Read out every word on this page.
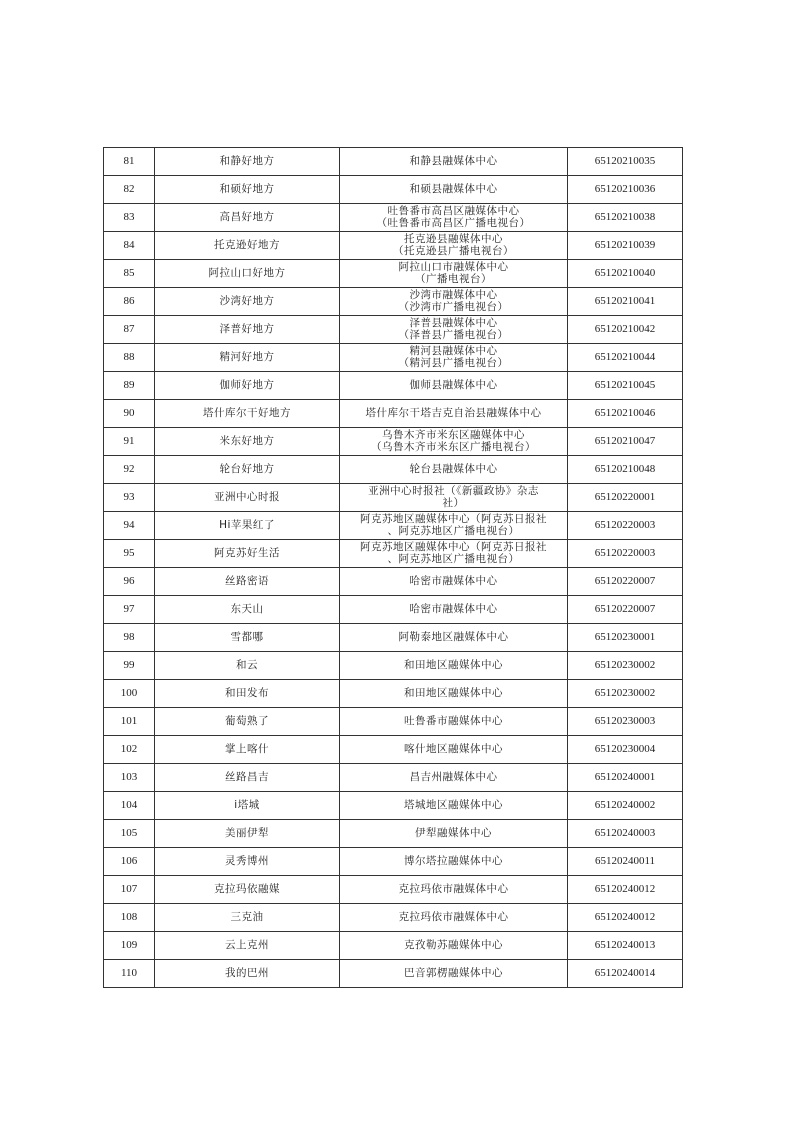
81	和静好地方	和静县融媒体中心	65120210035
82	和硕好地方	和硕县融媒体中心	65120210036
83	高昌好地方	吐鲁番市高昌区融媒体中心
（吐鲁番市高昌区广播电视台）	65120210038
84	托克逊好地方	托克逊县融媒体中心
（托克逊县广播电视台）	65120210039
85	阿拉山口好地方	阿拉山口市融媒体中心
（广播电视台）	65120210040
86	沙湾好地方	沙湾市融媒体中心
（沙湾市广播电视台）	65120210041
87	泽普好地方	泽普县融媒体中心
（泽普县广播电视台）	65120210042
88	精河好地方	精河县融媒体中心
（精河县广播电视台）	65120210044
89	伽师好地方	伽师县融媒体中心	65120210045
90	塔什库尔干好地方	塔什库尔干塔吉克自治县融媒体中心	65120210046
91	米东好地方	乌鲁木齐市米东区融媒体中心
（乌鲁木齐市米东区广播电视台）	65120210047
92	轮台好地方	轮台县融媒体中心	65120210048
93	亚洲中心时报	亚洲中心时报社（《新疆政协》杂志
社）	65120220001
94	Hi苹果红了	阿克苏地区融媒体中心（阿克苏日报社
、阿克苏地区广播电视台）	65120220003
95	阿克苏好生活	阿克苏地区融媒体中心（阿克苏日报社
、阿克苏地区广播电视台）	65120220003
96	丝路密语	哈密市融媒体中心	65120220007
97	东天山	哈密市融媒体中心	65120220007
98	雪都哪	阿勒泰地区融媒体中心	65120230001
99	和云	和田地区融媒体中心	65120230002
100	和田发布	和田地区融媒体中心	65120230002
101	葡萄熟了	吐鲁番市融媒体中心	65120230003
102	掌上喀什	喀什地区融媒体中心	65120230004
103	丝路昌吉	昌吉州融媒体中心	65120240001
104	i塔城	塔城地区融媒体中心	65120240002
105	美丽伊犁	伊犁融媒体中心	65120240003
106	灵秀博州	博尔塔拉融媒体中心	65120240011
107	克拉玛依融媒	克拉玛依市融媒体中心	65120240012
108	三克油	克拉玛依市融媒体中心	65120240012
109	云上克州	克孜勒苏融媒体中心	65120240013
110	我的巴州	巴音郭楞融媒体中心	65120240014
